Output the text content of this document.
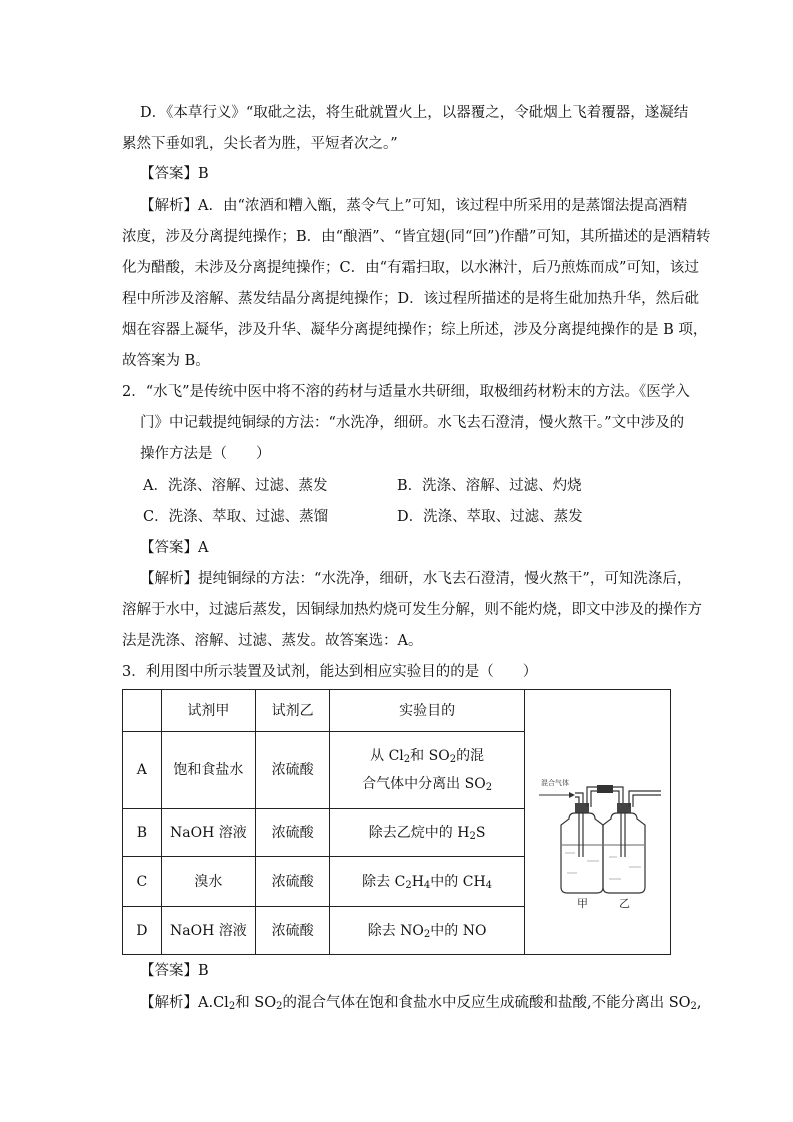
D．《本草行义》“取砒之法，将生砒就置火上，以器覆之，令砒烟上飞着覆器，遂凝结
累然下垂如乳，尖长者为胜，平短者次之。”
【答案】B
【解析】A．由“浓酒和糟入甑，蒸令气上”可知，该过程中所采用的是蒸馏法提高酒精
浓度，涉及分离提纯操作；B．由“酿酒”、“皆宜翅(同“回”)作醋”可知，其所描述的是酒精转
化为醋酸，未涉及分离提纯操作；C．由“有霜扫取，以水淋汁，后乃煎炼而成”可知，该过
程中所涉及溶解、蒸发结晶分离提纯操作；D．该过程所描述的是将生砒加热升华，然后砒
烟在容器上凝华，涉及升华、凝华分离提纯操作；综上所述，涉及分离提纯操作的是 B 项，
故答案为 B。
2．“水飞”是传统中医中将不溶的药材与适量水共研细，取极细药材粉末的方法。《医学入
门》中记载提纯铜绿的方法：“水洗净，细研。水飞去石澄清，慢火熬干。”文中涉及的
操作方法是（　　）
A．洗涤、溶解、过滤、蒸发	B．洗涤、溶解、过滤、灼烧
C．洗涤、萃取、过滤、蒸馏	D．洗涤、萃取、过滤、蒸发
【答案】A
【解析】提纯铜绿的方法：“水洗净，细研，水飞去石澄清，慢火熬干”，可知洗涤后，
溶解于水中，过滤后蒸发，因铜绿加热灼烧可发生分解，则不能灼烧，即文中涉及的操作方
法是洗涤、溶解、过滤、蒸发。故答案选：A。
3．利用图中所示装置及试剂，能达到相应实验目的的是（　　）
	试剂甲	试剂乙	实验目的	混合气体
甲 乙

A	饱和食盐水	浓硫酸	从 $Cl_2$和 $SO_2$的混
合气体中分离出 $SO_2$

B	NaOH 溶液	浓硫酸	除去乙烷中的 $H_2S$	
C	溴水	浓硫酸	除去 $C_2H_4$中的 $CH_4$
D	NaOH 溶液	浓硫酸	除去 $NO_2$中的 NO	
【答案】B
【解析】$A.Cl_2$和 $SO_2$的混合气体在饱和食盐水中反应生成硫酸和盐酸,不能分离出 $SO_2$,
